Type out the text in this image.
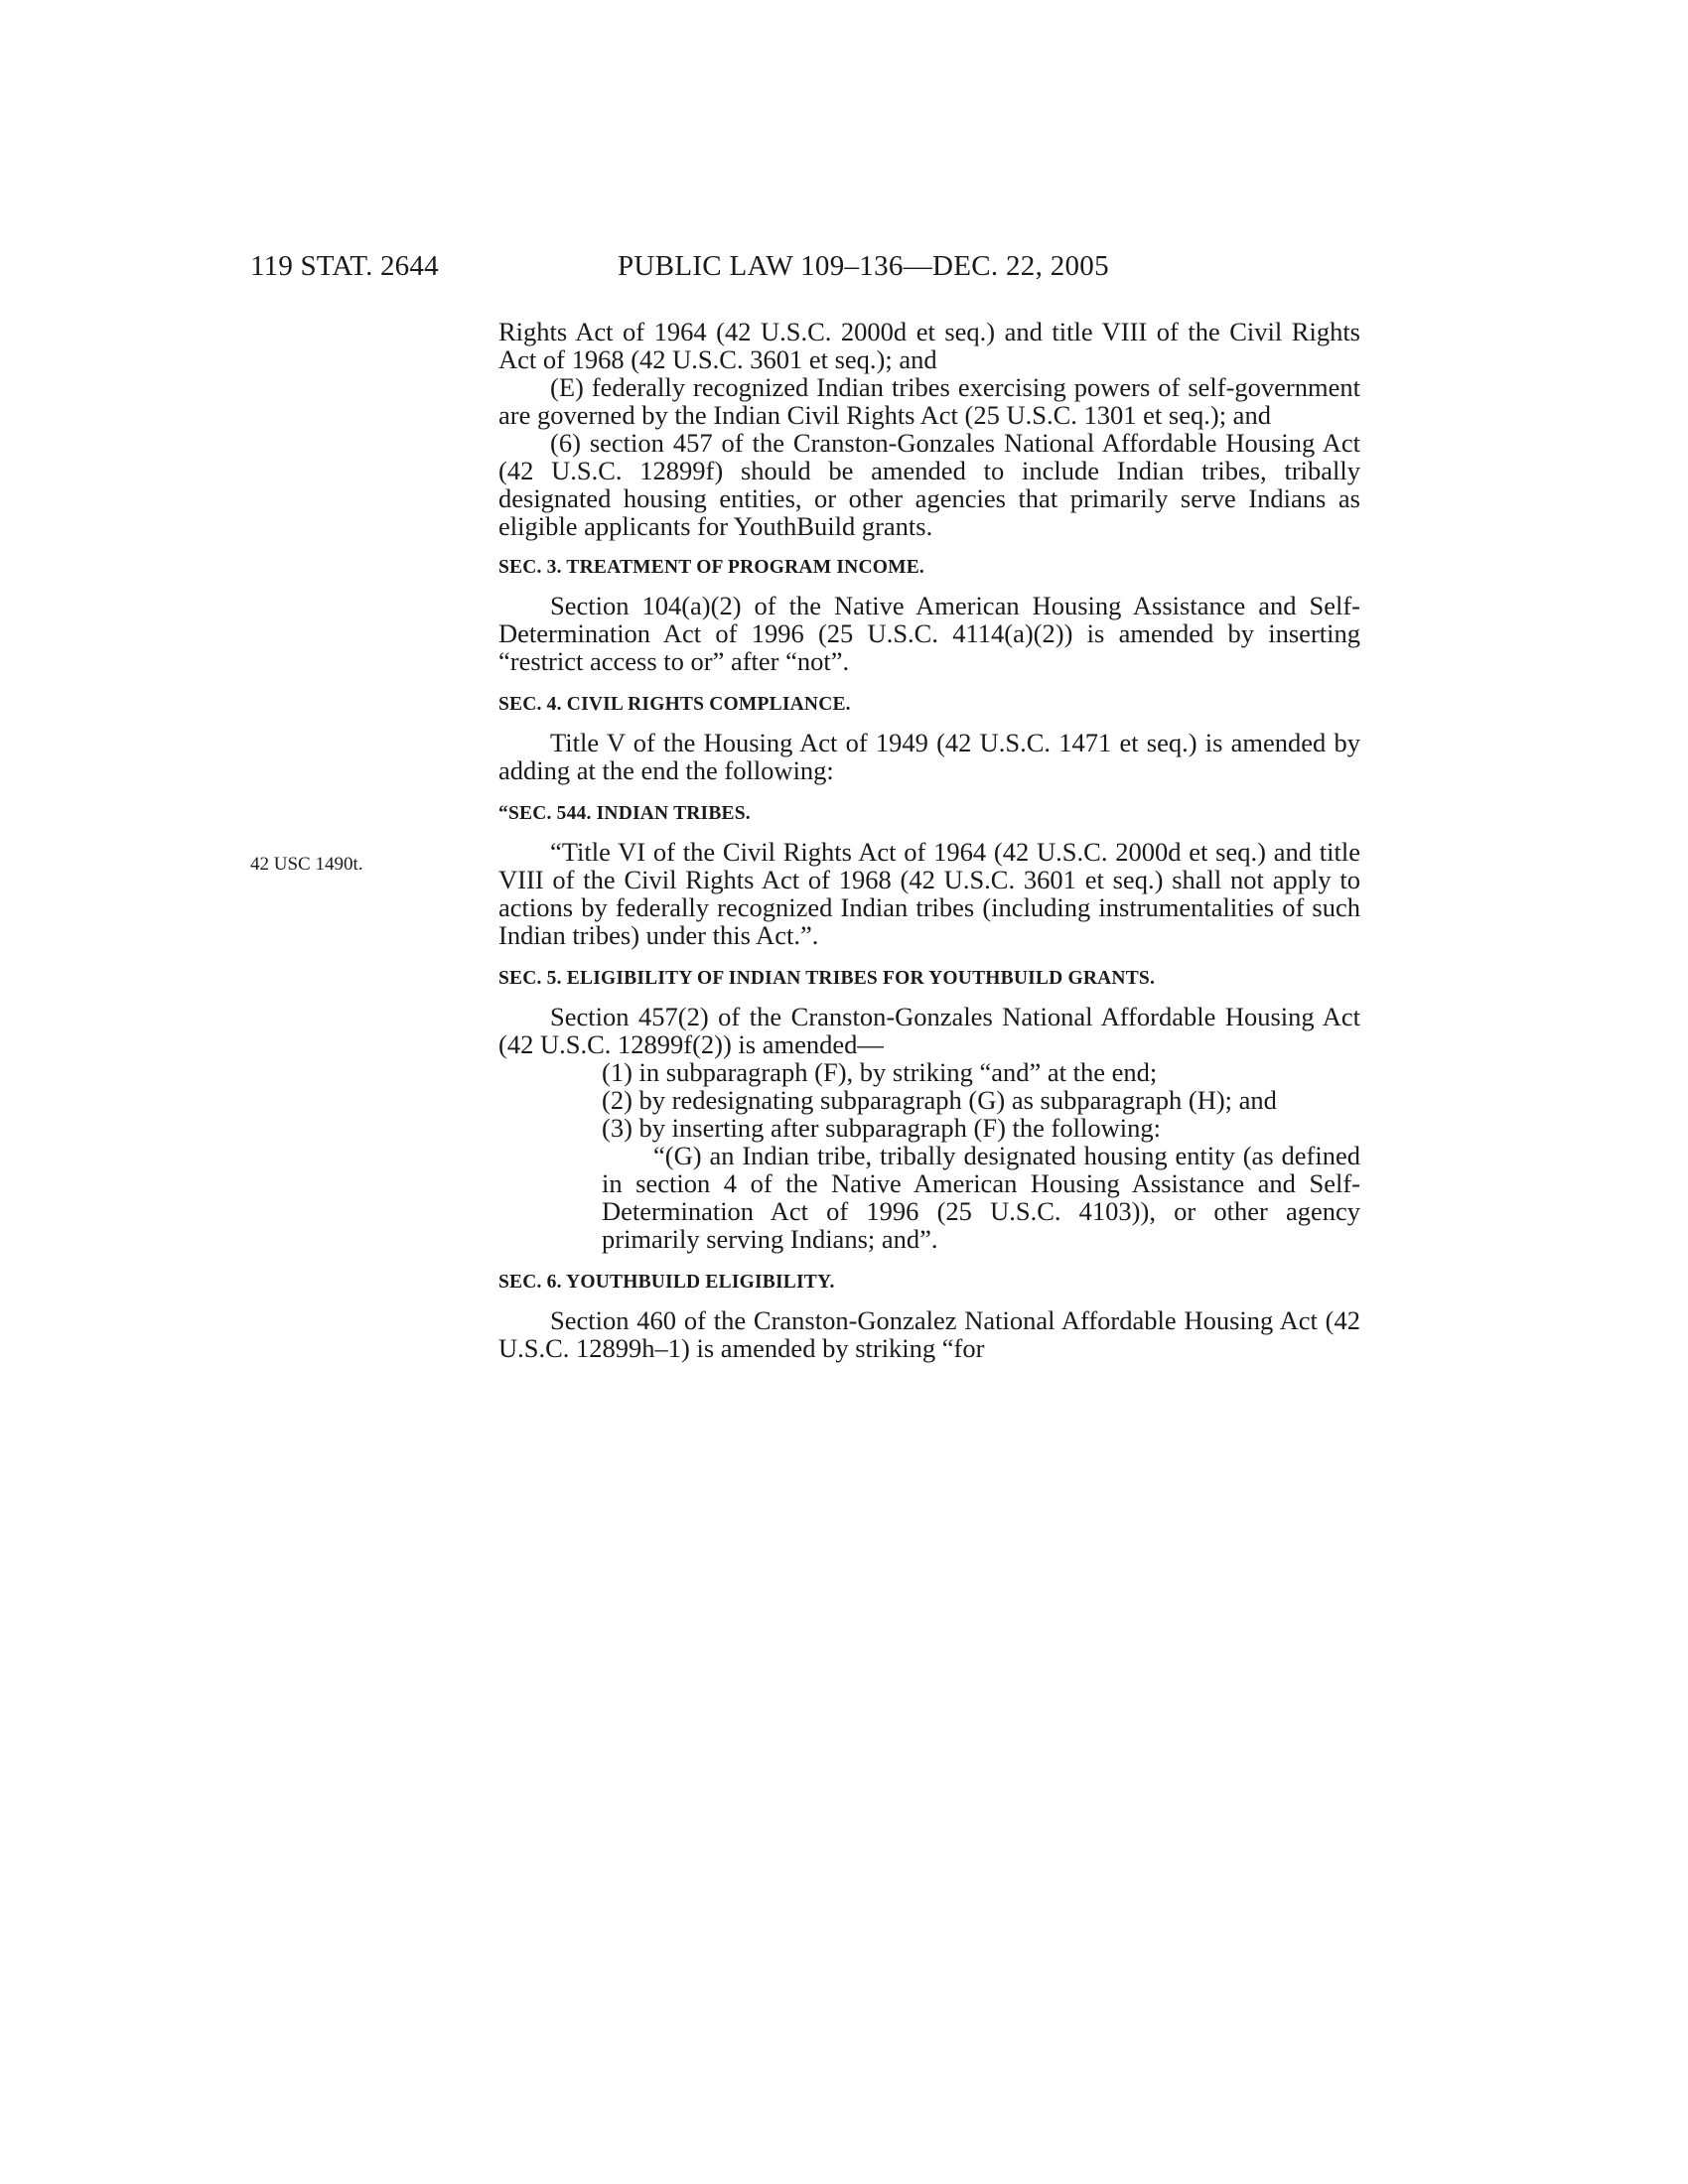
119 STAT. 2644	PUBLIC LAW 109–136—DEC. 22, 2005
42 USC 1490t.

Rights Act of 1964 (42 U.S.C. 2000d et seq.) and title VIII of the Civil Rights Act of 1968 (42 U.S.C. 3601 et seq.); and

(E) federally recognized Indian tribes exercising powers of self-government are governed by the Indian Civil Rights Act (25 U.S.C. 1301 et seq.); and

(6) section 457 of the Cranston-Gonzales National Affordable Housing Act (42 U.S.C. 12899f) should be amended to include Indian tribes, tribally designated housing entities, or other agencies that primarily serve Indians as eligible applicants for YouthBuild grants.

SEC. 3. TREATMENT OF PROGRAM INCOME.

Section 104(a)(2) of the Native American Housing Assistance and Self-Determination Act of 1996 (25 U.S.C. 4114(a)(2)) is amended by inserting “restrict access to or” after “not”.

SEC. 4. CIVIL RIGHTS COMPLIANCE.

Title V of the Housing Act of 1949 (42 U.S.C. 1471 et seq.) is amended by adding at the end the following:

“SEC. 544. INDIAN TRIBES.

“Title VI of the Civil Rights Act of 1964 (42 U.S.C. 2000d et seq.) and title VIII of the Civil Rights Act of 1968 (42 U.S.C. 3601 et seq.) shall not apply to actions by federally recognized Indian tribes (including instrumentalities of such Indian tribes) under this Act.”.

SEC. 5. ELIGIBILITY OF INDIAN TRIBES FOR YOUTHBUILD GRANTS.

Section 457(2) of the Cranston-Gonzales National Affordable Housing Act (42 U.S.C. 12899f(2)) is amended—

(1) in subparagraph (F), by striking “and” at the end;

(2) by redesignating subparagraph (G) as subparagraph (H); and

(3) by inserting after subparagraph (F) the following:

“(G) an Indian tribe, tribally designated housing entity (as defined in section 4 of the Native American Housing Assistance and Self- Determination Act of 1996 (25 U.S.C. 4103)), or other agency primarily serving Indians; and”.

SEC. 6. YOUTHBUILD ELIGIBILITY.

Section 460 of the Cranston-Gonzalez National Affordable Housing Act (42 U.S.C. 12899h–1) is amended by striking “for
